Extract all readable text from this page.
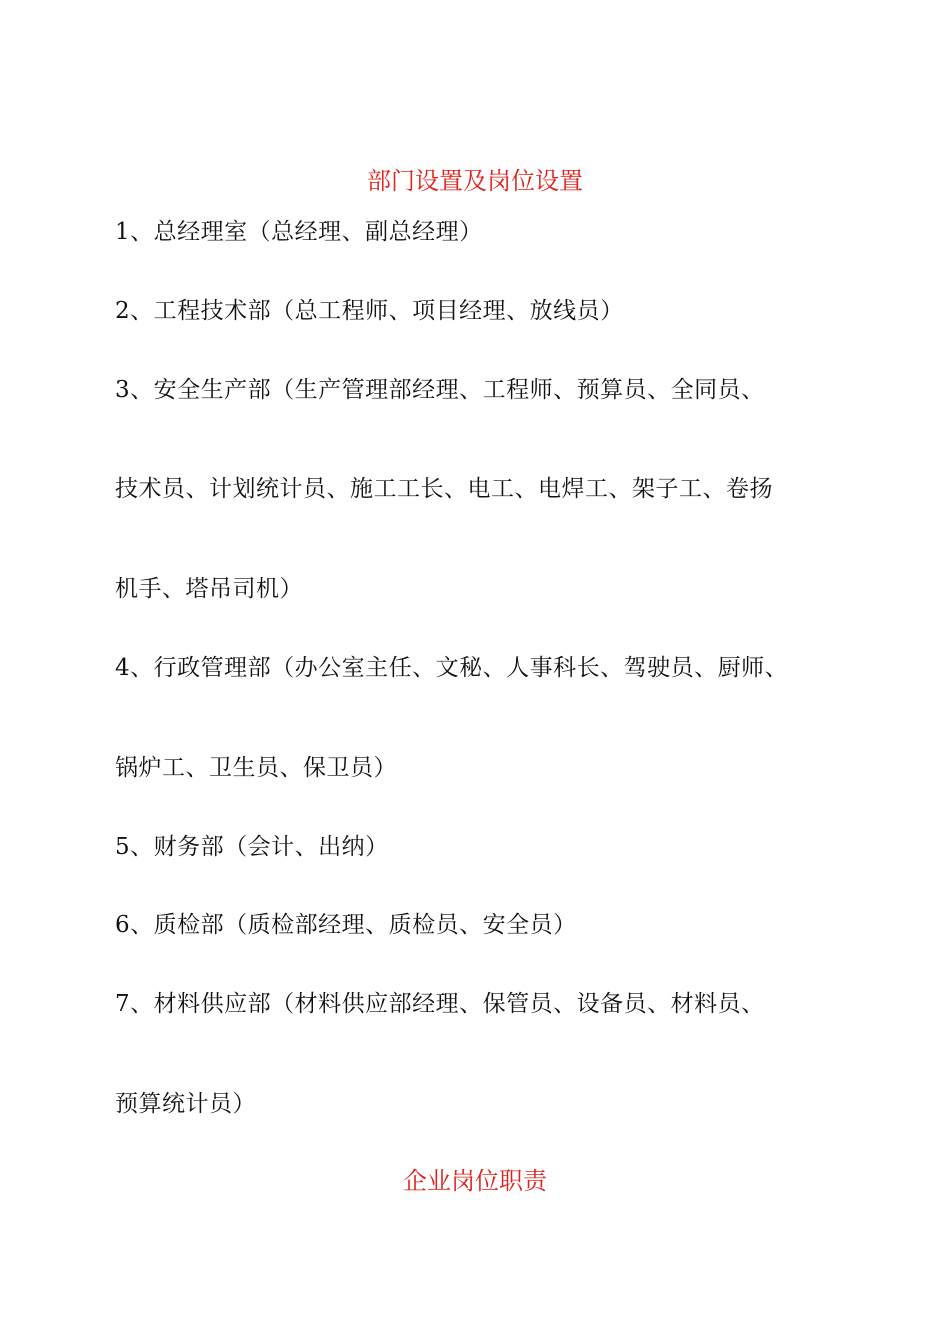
部门设置及岗位设置
1、总经理室（总经理、副总经理）
2、工程技术部（总工程师、项目经理、放线员）
3、安全生产部（生产管理部经理、工程师、预算员、全同员、
技术员、计划统计员、施工工长、电工、电焊工、架子工、卷扬
机手、塔吊司机）
4、行政管理部（办公室主任、文秘、人事科长、驾驶员、厨师、
锅炉工、卫生员、保卫员）
5、财务部（会计、出纳）
6、质检部（质检部经理、质检员、安全员）
7、材料供应部（材料供应部经理、保管员、设备员、材料员、
预算统计员）
企业岗位职责
